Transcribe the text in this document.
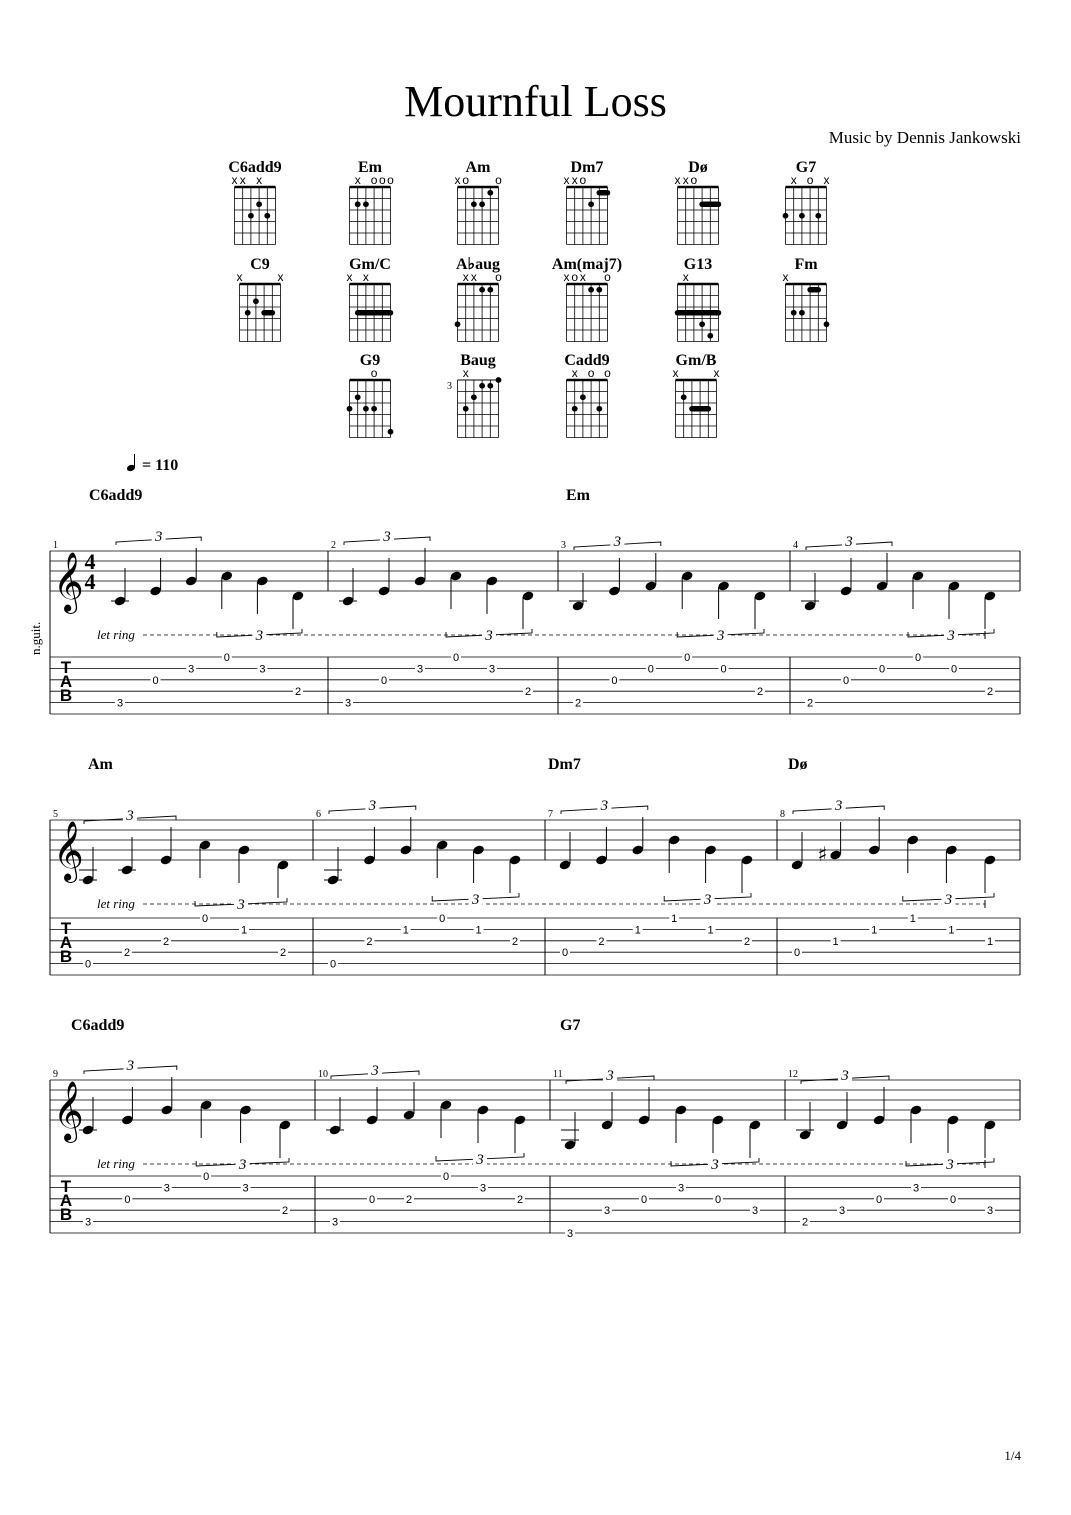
Mournful Loss
Music by Dennis Jankowski
1/4
C6add9
x x x
Em
x o o o
Am
x o o
Dm7
x x o
Dø
x x o
G7
x o x
C9
x	x
Gm/C
x x
A♭aug
x x o
Am(maj7)
x o x o
G13
x
Fm
x
G9
o
Baug
x
3
Cadd9
x o o
Gm/B
x	x
= 110
n.guit.
𝄞 4
4
T
A
B
C6add9	Em
let ring
1
3
3
3
0
3
0
3
2
2
3
3
3
0
3
0
3
2
3	3
3
2
0
0
0
0
2
4	3
3
2
0
0
0
0
2
𝄞
T
A
B
Am	Dm7	Dø
let ring
5	3
3
0
2
2
0
1
2
6
3
3
0
2
1
0
1
2
7
3
3
0
2
1
1
1
2
8
♯
3
3
0
1
1
1
1
1
𝄞
T
A
B
C6add9	G7
let ring
9
3
3
3
0
3
0
3
2
10	3
3
3
0	2
0
3
2
11	3
3
3
3
0
3
0
3
12	3
3
2
3
0
3
0
3
